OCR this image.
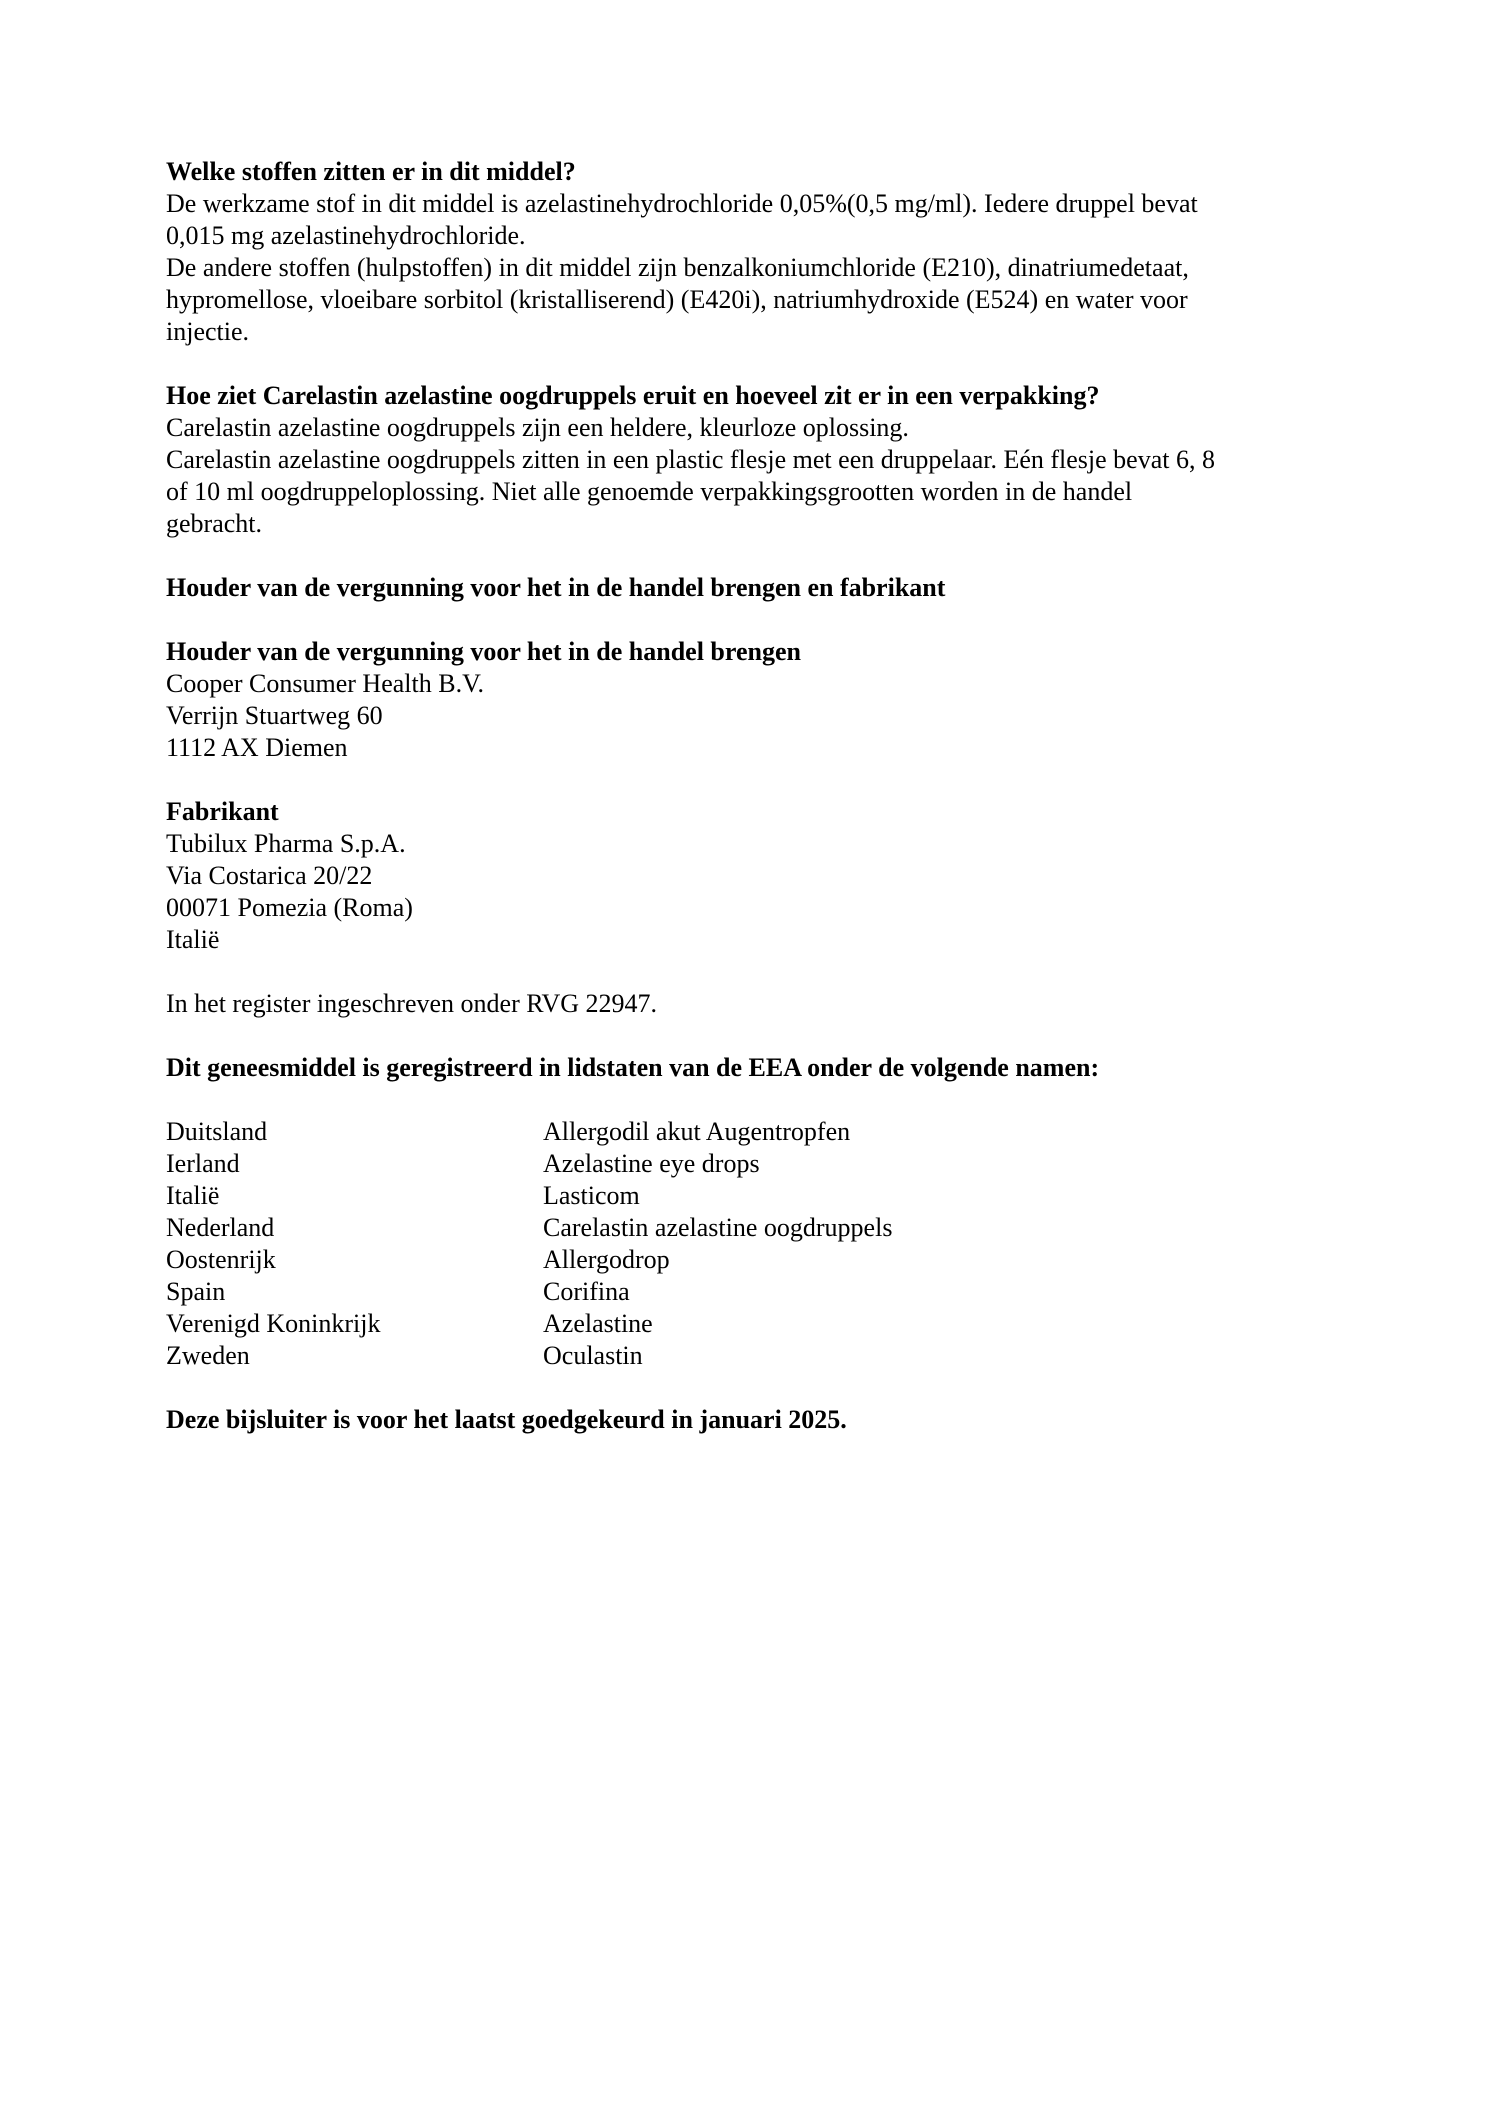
Welke stoffen zitten er in dit middel?
De werkzame stof in dit middel is azelastinehydrochloride 0,05%(0,5 mg/ml). Iedere druppel bevat
0,015 mg azelastinehydrochloride.
De andere stoffen (hulpstoffen) in dit middel zijn benzalkoniumchloride (E210), dinatriumedetaat,
hypromellose, vloeibare sorbitol (kristalliserend) (E420i), natriumhydroxide (E524) en water voor
injectie.
Hoe ziet Carelastin azelastine oogdruppels eruit en hoeveel zit er in een verpakking?
Carelastin azelastine oogdruppels zijn een heldere, kleurloze oplossing.
Carelastin azelastine oogdruppels zitten in een plastic flesje met een druppelaar. Eén flesje bevat 6, 8
of 10 ml oogdruppeloplossing. Niet alle genoemde verpakkingsgrootten worden in de handel
gebracht.
Houder van de vergunning voor het in de handel brengen en fabrikant
Houder van de vergunning voor het in de handel brengen
Cooper Consumer Health B.V.
Verrijn Stuartweg 60
1112 AX Diemen
Fabrikant
Tubilux Pharma S.p.A.
Via Costarica 20/22
00071 Pomezia (Roma)
Italië
In het register ingeschreven onder RVG 22947.
Dit geneesmiddel is geregistreerd in lidstaten van de EEA onder de volgende namen:
Duitsland	Allergodil akut Augentropfen
Ierland	Azelastine eye drops
Italië	Lasticom
Nederland	Carelastin azelastine oogdruppels
Oostenrijk	Allergodrop
Spain	Corifina
Verenigd Koninkrijk	Azelastine
Zweden	Oculastin
Deze bijsluiter is voor het laatst goedgekeurd in januari 2025.
